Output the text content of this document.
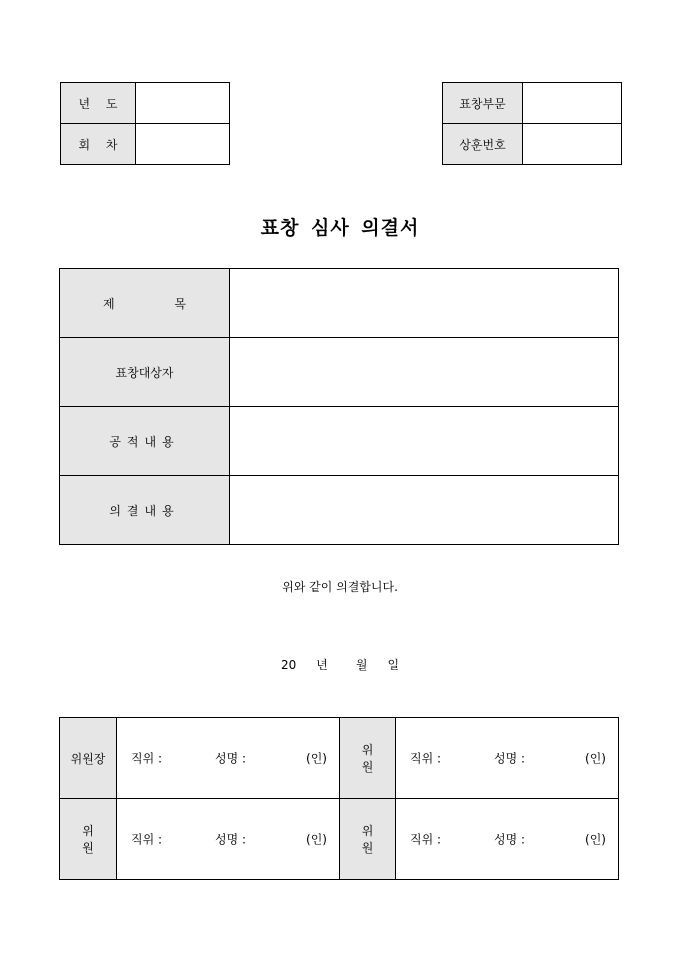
년 도	
회 차	
표창부문	
상훈번호	
표창 심사 의결서
제 목	
표창대상자	
공적내용	
의결내용	
위와 같이 의결합니다.
20 년 월 일
위원장	직위 : 성명 : (인)	위 원	직위 : 성명 : (인)

위 원	직위 : 성명 : (인)	위 원	직위 : 성명 : (인)
